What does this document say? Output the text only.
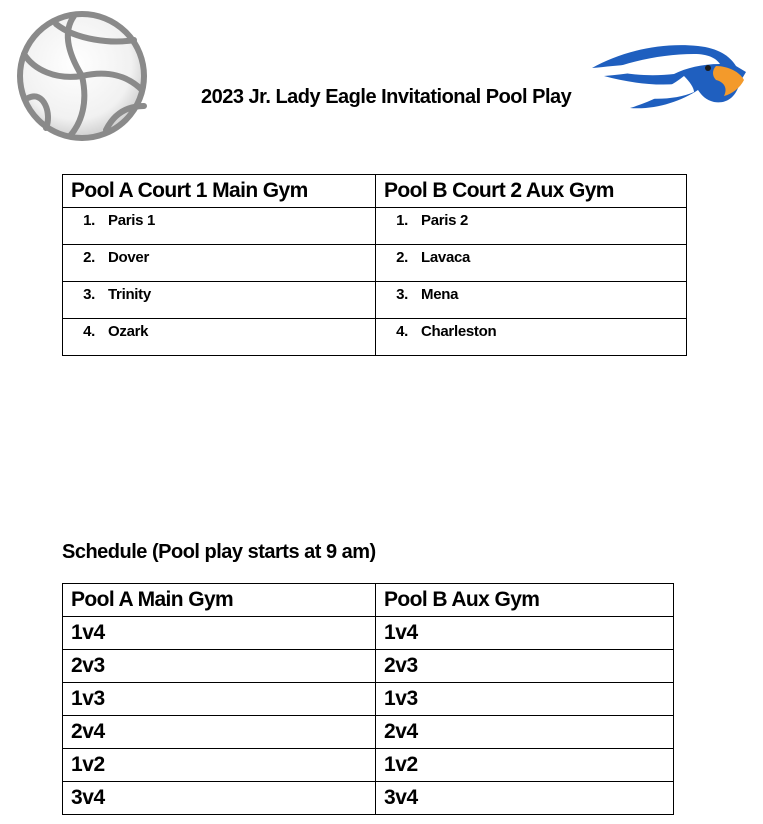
2023 Jr. Lady Eagle Invitational Pool Play
Pool A Court 1 Main Gym	Pool B Court 2 Aux Gym
1. Paris 1	1. Paris 2
2. Dover	2. Lavaca
3. Trinity	3. Mena
4. Ozark	4. Charleston
Schedule (Pool play starts at 9 am)
Pool A Main Gym	Pool B Aux Gym
1v4	1v4
2v3	2v3
1v3	1v3
2v4	2v4
1v2	1v2
3v4	3v4
